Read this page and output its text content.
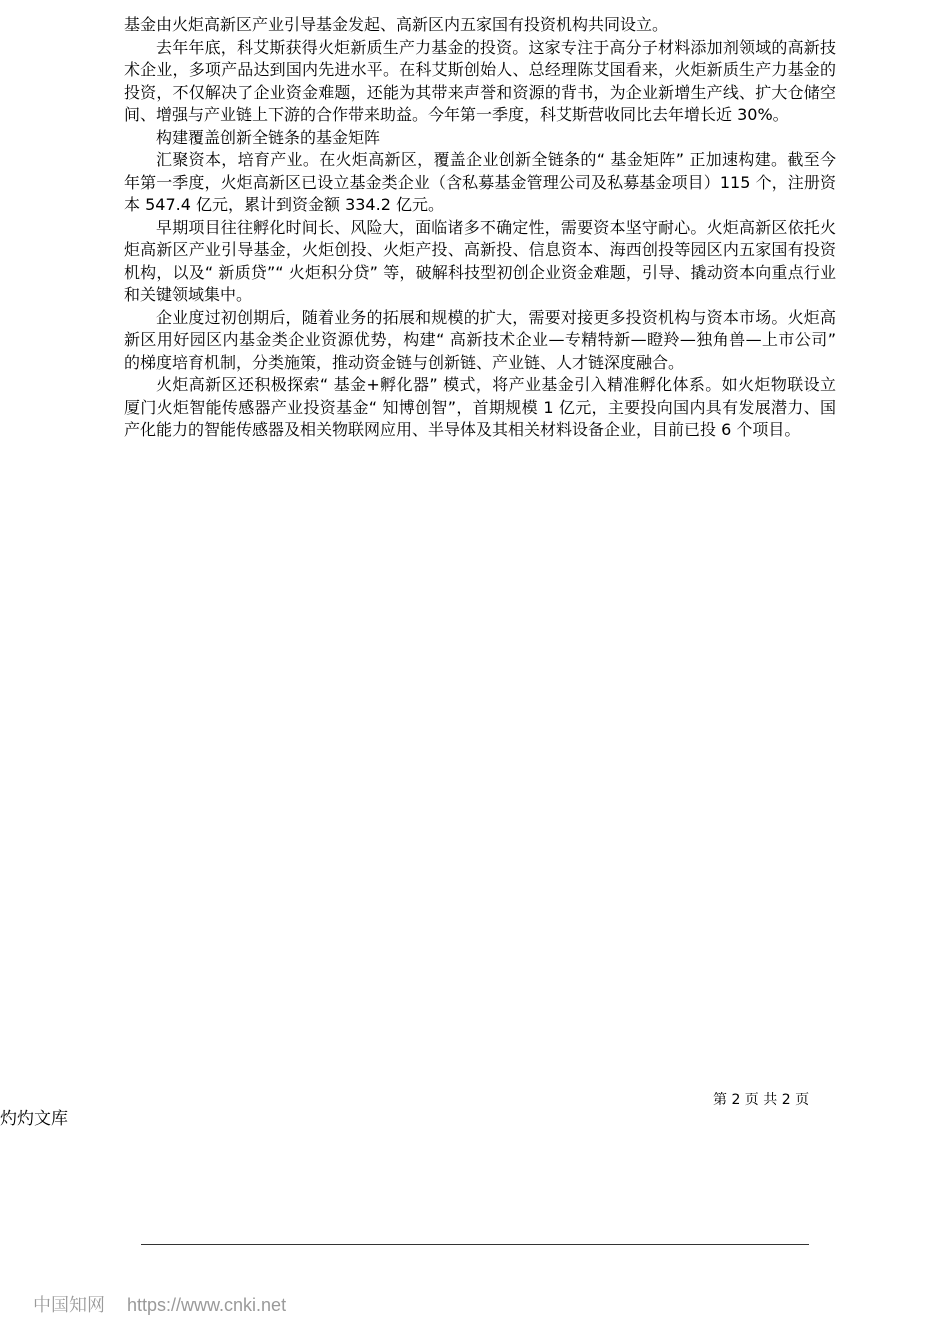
基金由火炬高新区产业引导基金发起、高新区内五家国有投资机构共同设立。

去年年底，科艾斯获得火炬新质生产力基金的投资。这家专注于高分子材料添加剂领域的高新技术企业，多项产品达到国内先进水平。在科艾斯创始人、总经理陈艾国看来，火炬新质生产力基金的投资，不仅解决了企业资金难题，还能为其带来声誉和资源的背书，为企业新增生产线、扩大仓储空间、增强与产业链上下游的合作带来助益。今年第一季度，科艾斯营收同比去年增长近 30%。

构建覆盖创新全链条的基金矩阵

汇聚资本，培育产业。在火炬高新区，覆盖企业创新全链条的“ 基金矩阵” 正加速构建。截至今年第一季度，火炬高新区已设立基金类企业（含私募基金管理公司及私募基金项目）115 个，注册资本 547.4 亿元，累计到资金额 334.2 亿元。

早期项目往往孵化时间长、风险大，面临诸多不确定性，需要资本坚守耐心。火炬高新区依托火炬高新区产业引导基金，火炬创投、火炬产投、高新投、信息资本、海西创投等园区内五家国有投资机构，以及“ 新质贷”“ 火炬积分贷” 等，破解科技型初创企业资金难题，引导、撬动资本向重点行业和关键领域集中。

企业度过初创期后，随着业务的拓展和规模的扩大，需要对接更多投资机构与资本市场。火炬高新区用好园区内基金类企业资源优势，构建“ 高新技术企业—专精特新—瞪羚—独角兽—上市公司” 的梯度培育机制，分类施策，推动资金链与创新链、产业链、人才链深度融合。

火炬高新区还积极探索“ 基金+孵化器” 模式，将产业基金引入精准孵化体系。如火炬物联设立厦门火炬智能传感器产业投资基金“ 知博创智”，首期规模 1 亿元，主要投向国内具有发展潜力、国产化能力的智能传感器及相关物联网应用、半导体及其相关材料设备企业，目前已投 6 个项目。

第 2 页 共 2 页
灼灼文库
中国知网 https://www.cnki.net
